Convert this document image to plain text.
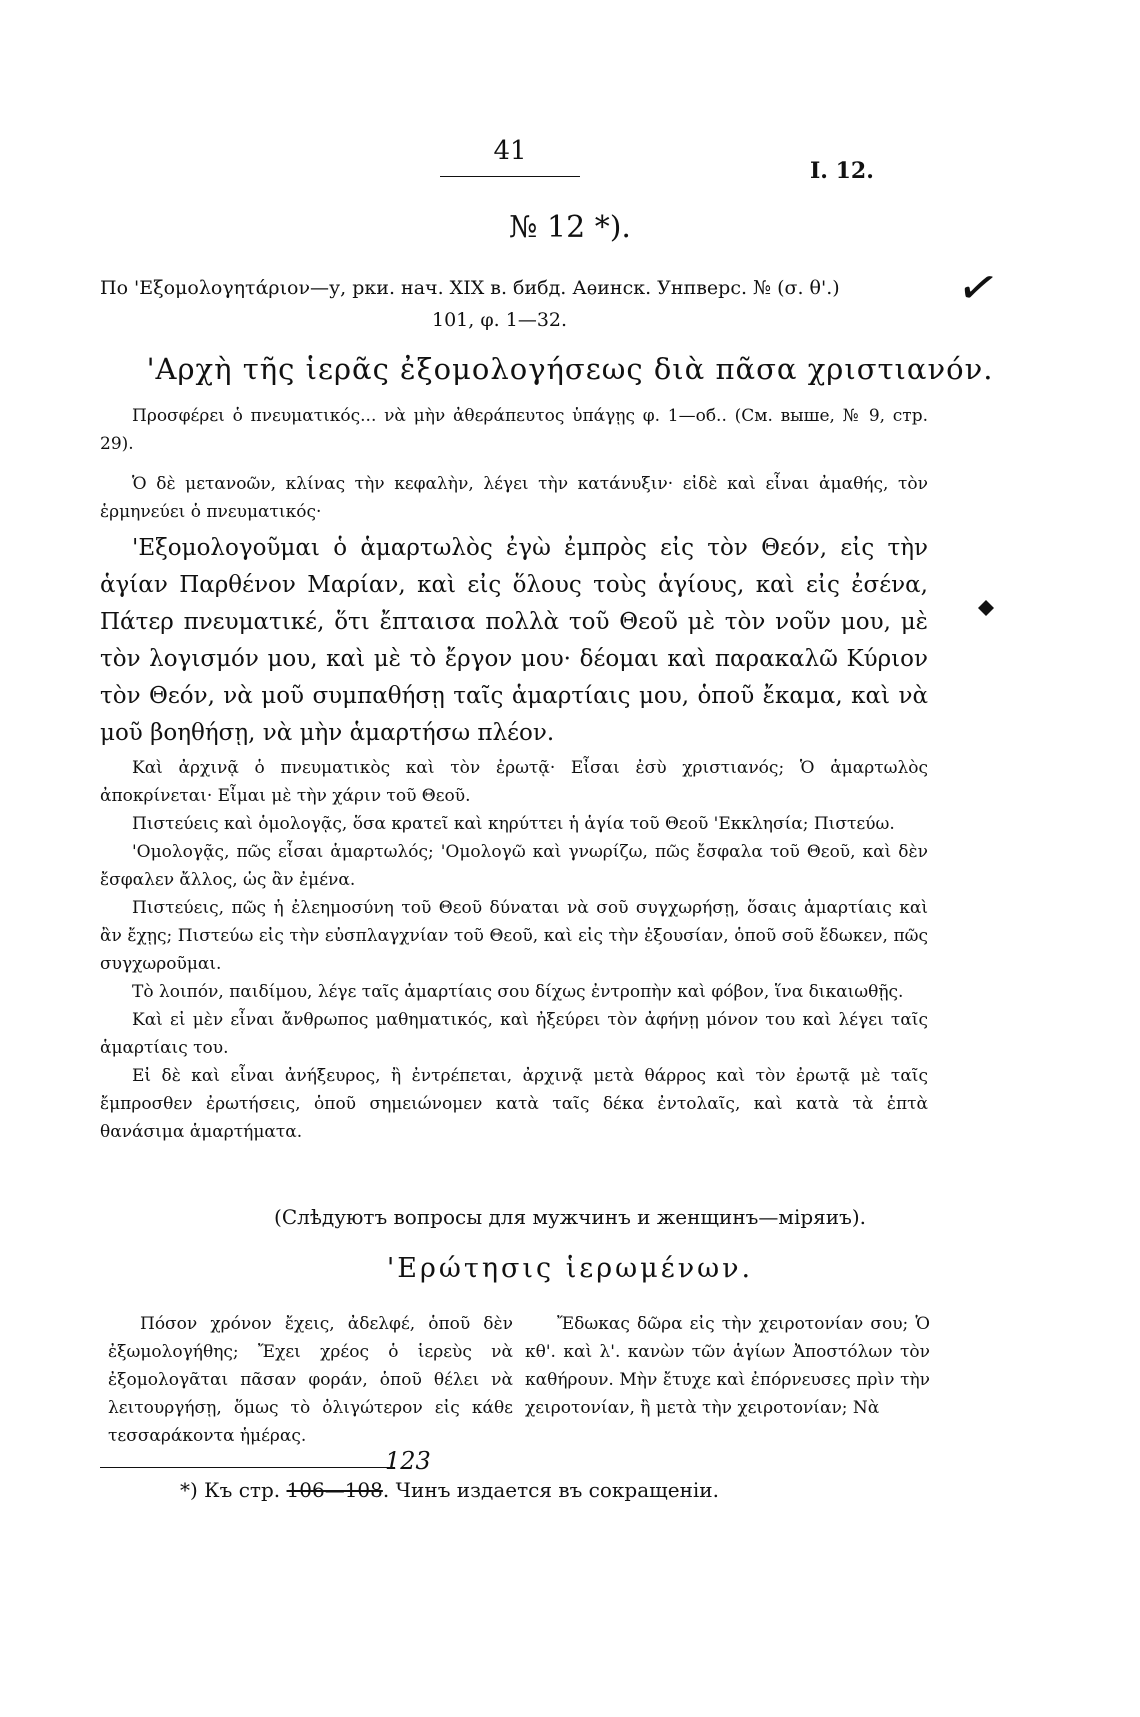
41
I. 12.
№ 12 *).
По 'Εξομολογητάριον—у, рки. нач. XIX в. бибд. Аѳинск. Унпверс. № (σ. θ'.)
101, φ. 1—32.
✓
'Αρχὴ τῆς ἱερᾶς ἐξομολογήσεως διὰ πᾶσα χριστιανόν.

Προσφέρει ὁ πνευματικός... νὰ μὴν ἀθεράπευτος ὑπάγῃς φ. 1—об.. (См. выше, № 9, стр. 29).

Ὁ δὲ μετανοῶν, κλίνας τὴν κεφαλὴν, λέγει τὴν κατάνυξιν· εἰδὲ καὶ εἶναι ἀμαθής, τὸν ἑρμηνεύει ὁ πνευματικός·

'Εξομολογοῦμαι ὁ ἁμαρτωλὸς ἐγὼ ἐμπρὸς εἰς τὸν Θεόν, εἰς τὴν ἁγίαν Παρθένον Μαρίαν, καὶ εἰς ὅλους τοὺς ἁγίους, καὶ εἰς ἐσένα, Πάτερ πνευματικέ, ὅτι ἔπταισα πολλὰ τοῦ Θεοῦ μὲ τὸν νοῦν μου, μὲ τὸν λογισμόν μου, καὶ μὲ τὸ ἔργον μου· δέομαι καὶ παρακαλῶ Κύριον τὸν Θεόν, νὰ μοῦ συμπαθήσῃ ταῖς ἁμαρτίαις μου, ὁποῦ ἔκαμα, καὶ νὰ μοῦ βοηθήσῃ, νὰ μὴν ἁμαρτήσω πλέον.

Καὶ ἀρχινᾷ ὁ πνευματικὸς καὶ τὸν ἐρωτᾷ· Εἶσαι ἐσὺ χριστιανός; Ὁ ἁμαρτωλὸς ἀποκρίνεται· Εἶμαι μὲ τὴν χάριν τοῦ Θεοῦ.

Πιστεύεις καὶ ὁμολογᾷς, ὅσα κρατεῖ καὶ κηρύττει ἡ ἁγία τοῦ Θεοῦ 'Εκκλησία; Πιστεύω.

'Ομολογᾷς, πῶς εἶσαι ἁμαρτωλός; 'Ομολογῶ καὶ γνωρίζω, πῶς ἔσφαλα τοῦ Θεοῦ, καὶ δὲν ἔσφαλεν ἄλλος, ὡς ἂν ἐμένα.

Πιστεύεις, πῶς ἡ ἐλεημοσύνη τοῦ Θεοῦ δύναται νὰ σοῦ συγχωρήσῃ, ὅσαις ἁμαρτίαις καὶ ἂν ἔχῃς; Πιστεύω εἰς τὴν εὐσπλαγχνίαν τοῦ Θεοῦ, καὶ εἰς τὴν ἐξουσίαν, ὁποῦ σοῦ ἔδωκεν, πῶς συγχωροῦμαι.

Τὸ λοιπόν, παιδίμου, λέγε ταῖς ἁμαρτίαις σου δίχως ἐντροπὴν καὶ φόβον, ἵνα δικαιωθῇς.

Καὶ εἰ μὲν εἶναι ἄνθρωπος μαθηματικός, καὶ ἠξεύρει τὸν ἀφήνῃ μόνον του καὶ λέγει ταῖς ἁμαρτίαις του.

Εἰ δὲ καὶ εἶναι ἀνήξευρος, ἢ ἐντρέπεται, ἀρχινᾷ μετὰ θάρρος καὶ τὸν ἐρωτᾷ μὲ ταῖς ἔμπροσθεν ἐρωτήσεις, ὁποῦ σημειώνομεν κατὰ ταῖς δέκα ἐντολαῖς, καὶ κατὰ τὰ ἑπτὰ θανάσιμα ἁμαρτήματα.

(Слѣдуютъ вопросы для мужчинъ и женщинъ—міряиъ).
'Ερώτησις ἱερωμένων.

Πόσον χρόνον ἔχεις, ἀδελφέ, ὁποῦ δὲν ἐξωμολογήθης; Ἔχει χρέος ὁ ἱερεὺς νὰ ἐξομολογᾶται πᾶσαν φοράν, ὁποῦ θέλει νὰ λειτουργήσῃ, ὅμως τὸ ὀλιγώτερον εἰς κάθε τεσσαράκοντα ἡμέρας.

Ἔδωκας δῶρα εἰς τὴν χειροτονίαν σου; Ὁ κθ'. καὶ λ'. κανὼν τῶν ἁγίων Ἀποστόλων τὸν καθήρουν. Μὴν ἔτυχε καὶ ἐπόρνευσες πρὶν τὴν χειροτονίαν, ἢ μετὰ τὴν χειροτονίαν; Νὰ

123
*) Къ стр. 106—108. Чинъ издается въ сокращеніи.
